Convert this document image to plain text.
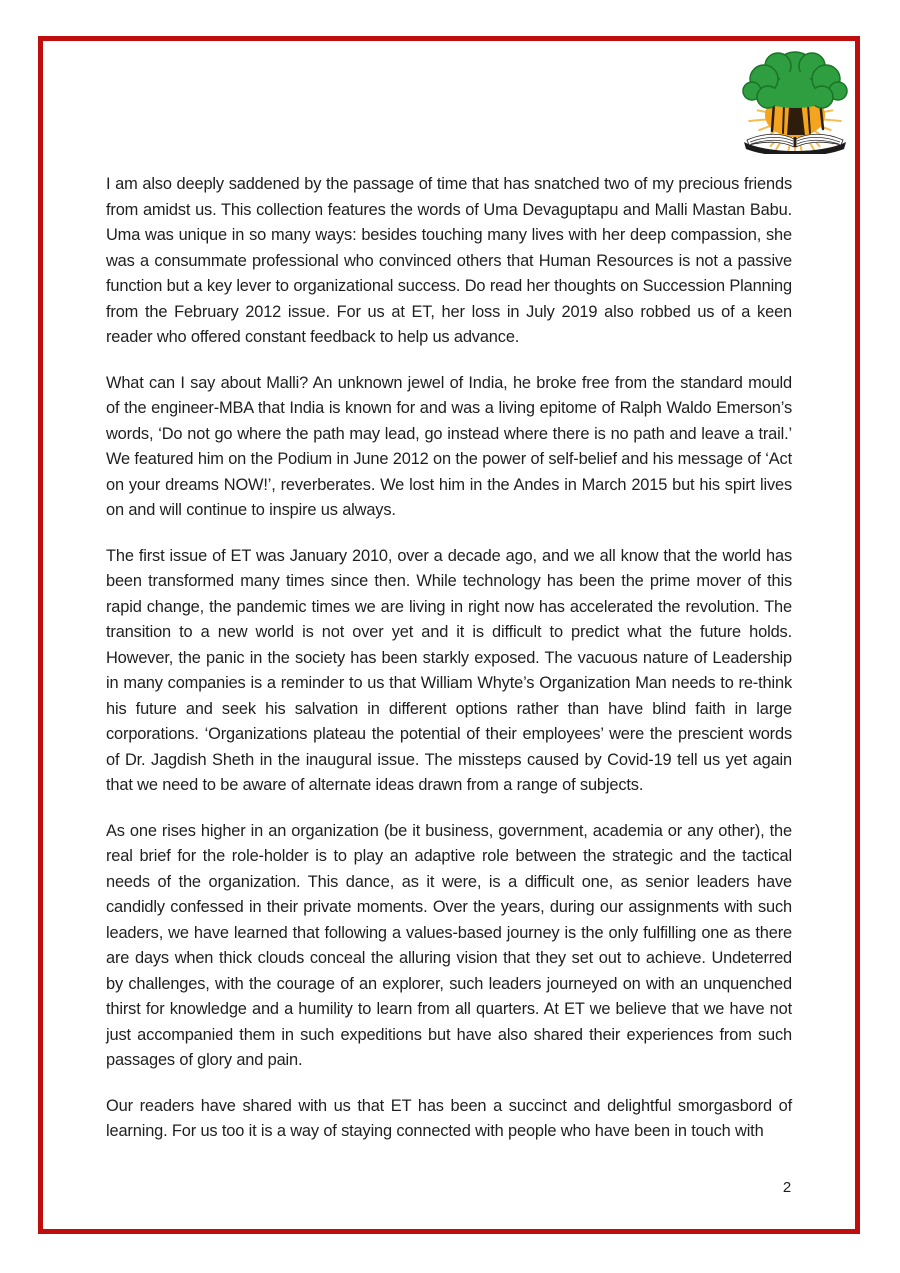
I am also deeply saddened by the passage of time that has snatched two of my precious friends from amidst us. This collection features the words of Uma Devaguptapu and Malli Mastan Babu. Uma was unique in so many ways: besides touching many lives with her deep compassion, she was a consummate professional who convinced others that Human Resources is not a passive function but a key lever to organizational success. Do read her thoughts on Succession Planning from the February 2012 issue. For us at ET, her loss in July 2019 also robbed us of a keen reader who offered constant feedback to help us advance.

What can I say about Malli? An unknown jewel of India, he broke free from the standard mould of the engineer-MBA that India is known for and was a living epitome of Ralph Waldo Emerson’s words, ‘Do not go where the path may lead, go instead where there is no path and leave a trail.’ We featured him on the Podium in June 2012 on the power of self-belief and his message of ‘Act on your dreams NOW!’, reverberates. We lost him in the Andes in March 2015 but his spirt lives on and will continue to inspire us always.

The first issue of ET was January 2010, over a decade ago, and we all know that the world has been transformed many times since then. While technology has been the prime mover of this rapid change, the pandemic times we are living in right now has accelerated the revolution. The transition to a new world is not over yet and it is difficult to predict what the future holds. However, the panic in the society has been starkly exposed. The vacuous nature of Leadership in many companies is a reminder to us that William Whyte’s Organization Man needs to re-think his future and seek his salvation in different options rather than have blind faith in large corporations. ‘Organizations plateau the potential of their employees’ were the prescient words of Dr. Jagdish Sheth in the inaugural issue. The missteps caused by Covid-19 tell us yet again that we need to be aware of alternate ideas drawn from a range of subjects.

As one rises higher in an organization (be it business, government, academia or any other), the real brief for the role-holder is to play an adaptive role between the strategic and the tactical needs of the organization. This dance, as it were, is a difficult one, as senior leaders have candidly confessed in their private moments. Over the years, during our assignments with such leaders, we have learned that following a values-based journey is the only fulfilling one as there are days when thick clouds conceal the alluring vision that they set out to achieve. Undeterred by challenges, with the courage of an explorer, such leaders journeyed on with an unquenched thirst for knowledge and a humility to learn from all quarters. At ET we believe that we have not just accompanied them in such expeditions but have also shared their experiences from such passages of glory and pain.

Our readers have shared with us that ET has been a succinct and delightful smorgasbord of learning. For us too it is a way of staying connected with people who have been in touch with

2
